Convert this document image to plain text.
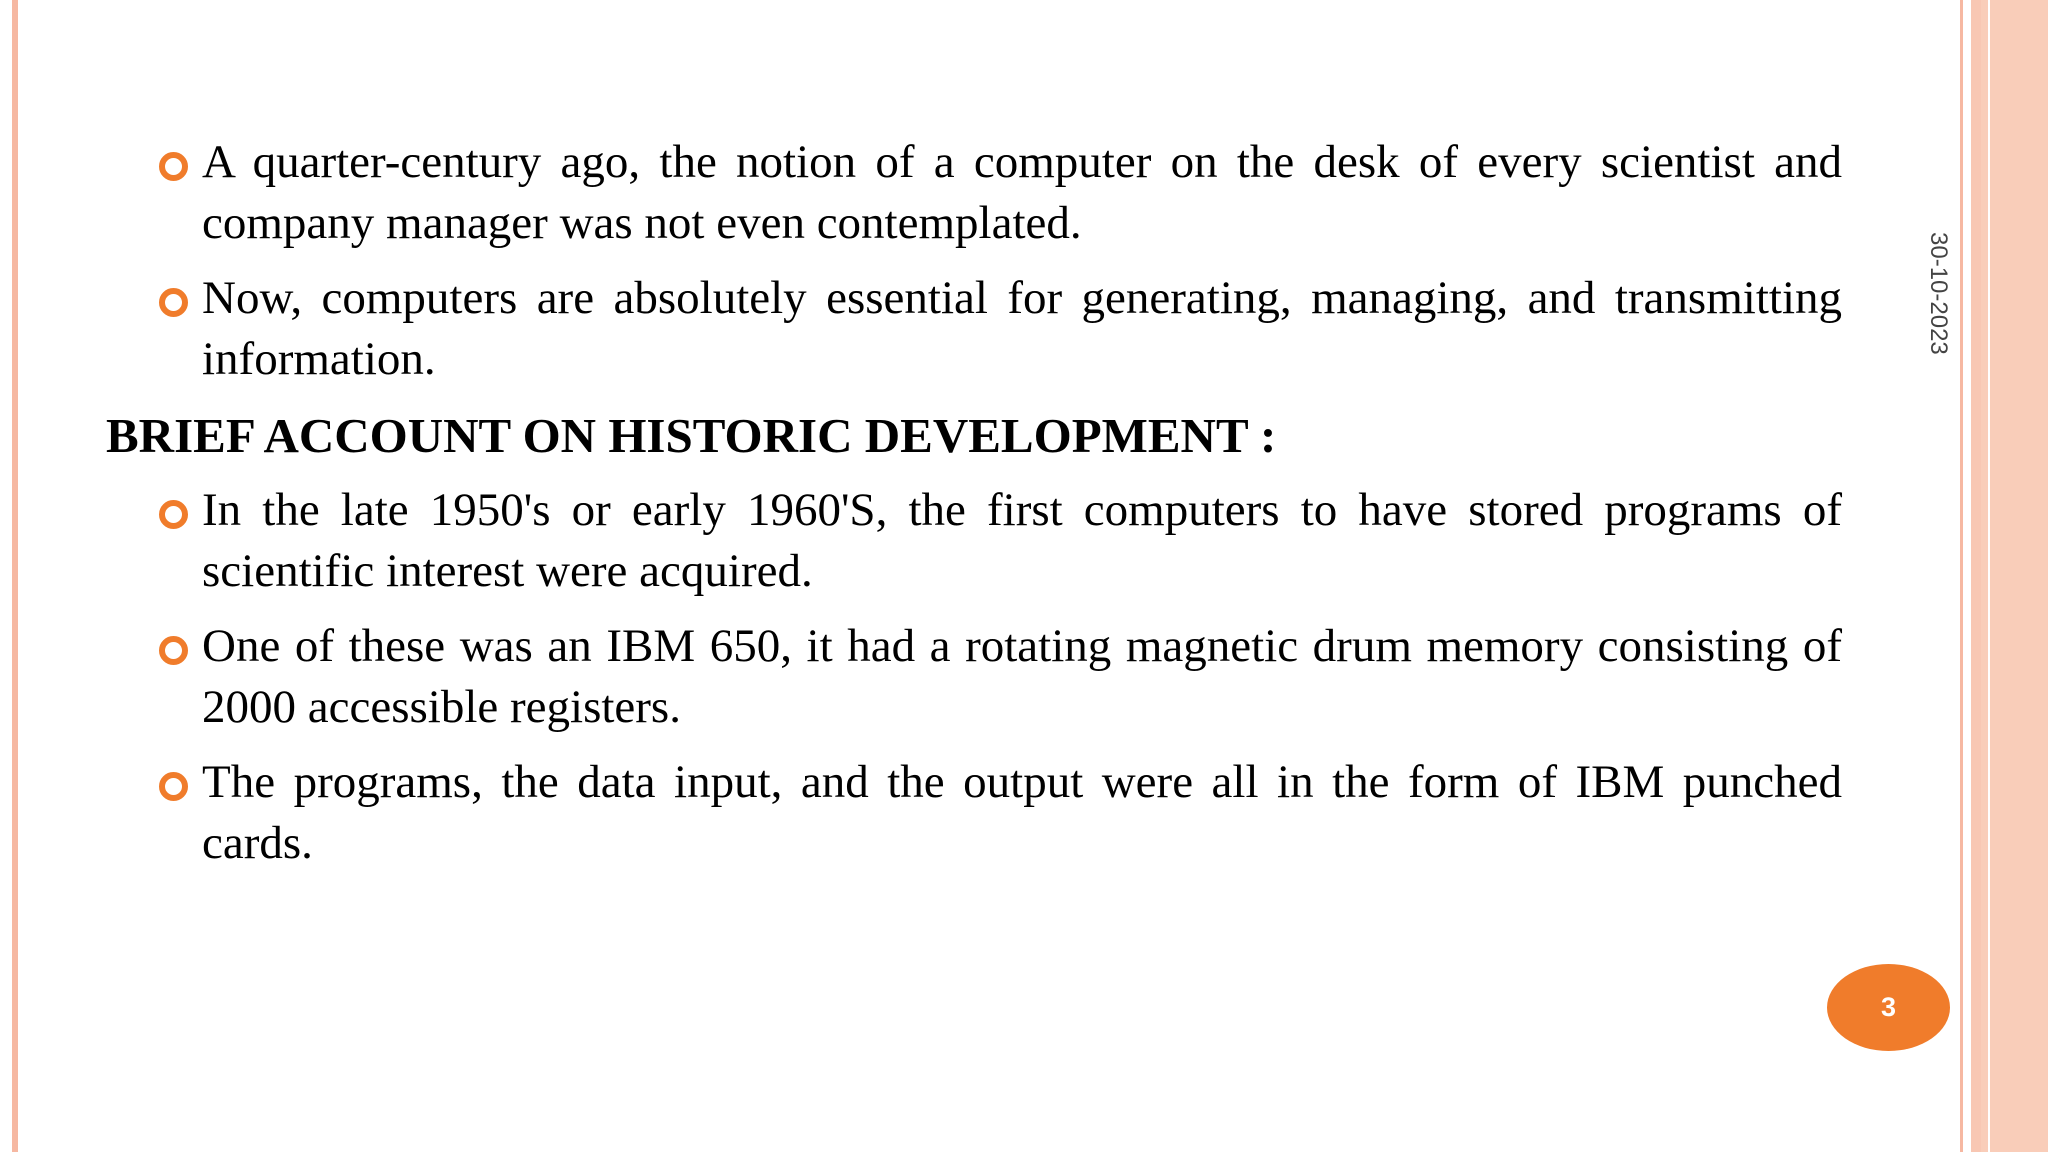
A quarter-century ago, the notion of a computer on the desk of every scientist and company manager was not even contemplated.
Now, computers are absolutely essential for generating, managing, and transmitting information.
BRIEF ACCOUNT ON HISTORIC DEVELOPMENT :
In the late 1950's or early 1960'S, the first computers to have stored programs of scientific interest were acquired.
One of these was an IBM 650, it had a rotating magnetic drum memory consisting of 2000 accessible registers.
The programs, the data input, and the output were all in the form of IBM punched cards.
30-10-2023
3
